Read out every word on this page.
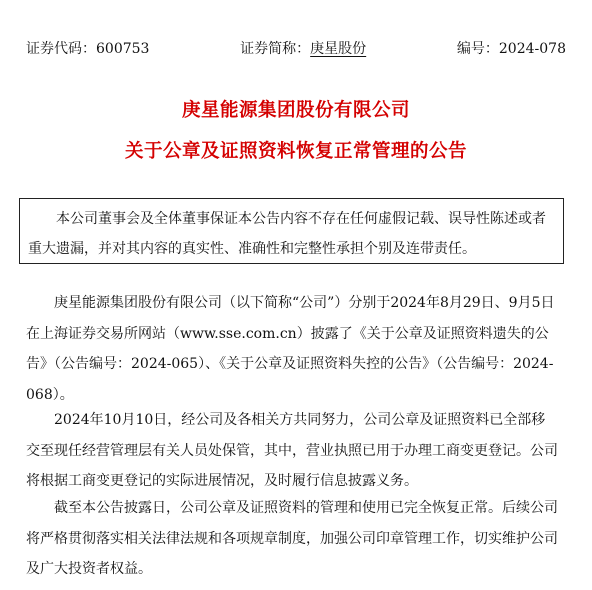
证券代码：600753	证券简称：庚星股份	编号：2024-078
庚星能源集团股份有限公司
关于公章及证照资料恢复正常管理的公告
本公司董事会及全体董事保证本公告内容不存在任何虚假记载、误导性陈述或者重大遗漏，并对其内容的真实性、准确性和完整性承担个别及连带责任。

庚星能源集团股份有限公司（以下简称“公司”）分别于2024年8月29日、9月5日在上海证券交易所网站（www.sse.com.cn）披露了《关于公章及证照资料遗失的公告》（公告编号：2024-065）、《关于公章及证照资料失控的公告》（公告编号：2024-068）。

2024年10月10日，经公司及各相关方共同努力，公司公章及证照资料已全部移交至现任经营管理层有关人员处保管，其中，营业执照已用于办理工商变更登记。公司将根据工商变更登记的实际进展情况，及时履行信息披露义务。

截至本公告披露日，公司公章及证照资料的管理和使用已完全恢复正常。后续公司将严格贯彻落实相关法律法规和各项规章制度，加强公司印章管理工作，切实维护公司及广大投资者权益。
